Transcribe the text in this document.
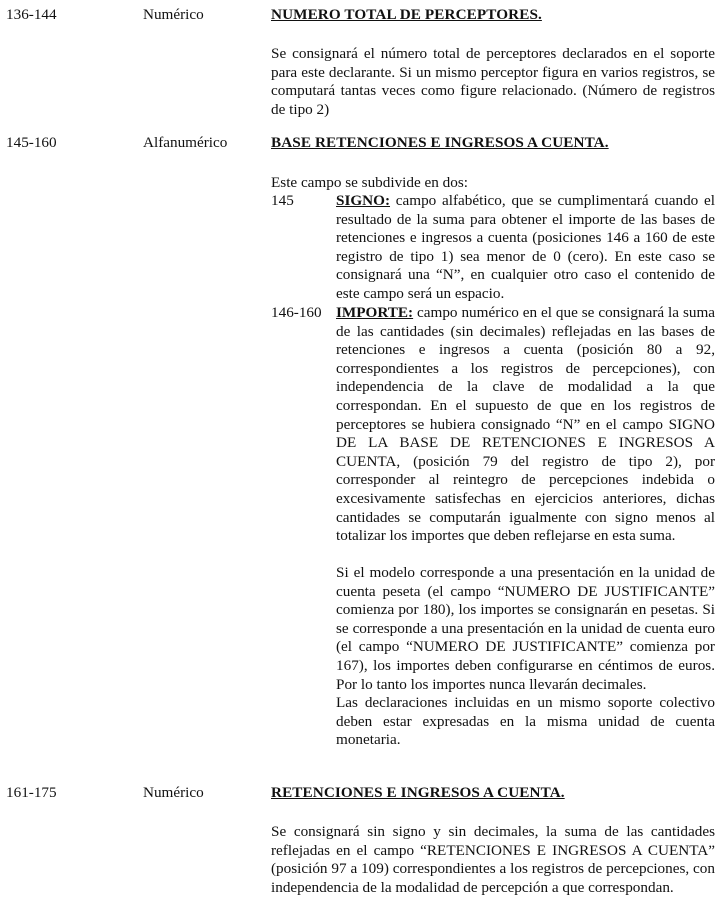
136-144	Numérico	NUMERO TOTAL DE PERCEPTORES.
Se consignará el número total de perceptores declarados en el soporte para este declarante. Si un mismo perceptor figura en varios registros, se computará tantas veces como figure relacionado. (Número de registros de tipo 2)
145-160	Alfanumérico	BASE RETENCIONES E INGRESOS A CUENTA.
Este campo se subdivide en dos:
145	SIGNO: campo alfabético, que se cumplimentará cuando el resultado de la suma para obtener el importe de las bases de retenciones e ingresos a cuenta (posiciones 146 a 160 de este registro de tipo 1) sea menor de 0 (cero). En este caso se consignará una “N”, en cualquier otro caso el contenido de este campo será un espacio.
146-160 IMPORTE: campo numérico en el que se consignará la suma de las cantidades (sin decimales) reflejadas en las bases de retenciones e ingresos a cuenta (posición 80 a 92, correspondientes a los registros de percepciones), con independencia de la clave de modalidad a la que correspondan. En el supuesto de que en los registros de perceptores se hubiera consignado “N” en el campo SIGNO DE LA BASE DE RETENCIONES E INGRESOS A CUENTA, (posición 79 del registro de tipo 2), por corresponder al reintegro de percepciones indebida o excesivamente satisfechas en ejercicios anteriores, dichas cantidades se computarán igualmente con signo menos al totalizar los importes que deben reflejarse en esta suma.
Si el modelo corresponde a una presentación en la unidad de cuenta peseta (el campo “NUMERO DE JUSTIFICANTE” comienza por 180), los importes se consignarán en pesetas. Si se corresponde a una presentación en la unidad de cuenta euro (el campo “NUMERO DE JUSTIFICANTE” comienza por 167), los importes deben configurarse en céntimos de euros. Por lo tanto los importes nunca llevarán decimales.
Las declaraciones incluidas en un mismo soporte colectivo deben estar expresadas en la misma unidad de cuenta monetaria.
161-175	Numérico	RETENCIONES E INGRESOS A CUENTA.
Se consignará sin signo y sin decimales, la suma de las cantidades reflejadas en el campo “RETENCIONES E INGRESOS A CUENTA” (posición 97 a 109) correspondientes a los registros de percepciones, con independencia de la modalidad de percepción a que correspondan.
